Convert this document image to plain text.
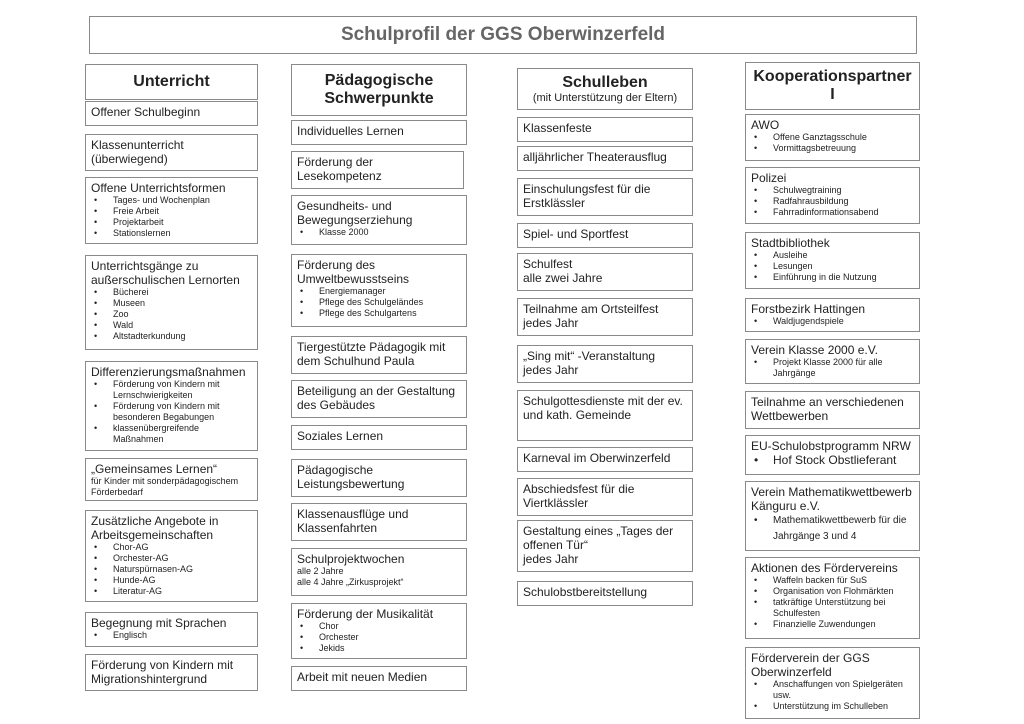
Schulprofil der GGS Oberwinzerfeld
Unterricht
Offener Schulbeginn
Klassenunterricht (überwiegend)
Offene Unterrichtsformen
• Tages- und Wochenplan
• Freie Arbeit
• Projektarbeit
• Stationslernen
Unterrichtsgänge zu außerschulischen Lernorten
• Bücherei
• Museen
• Zoo
• Wald
• Altstadterkundung
Differenzierungsmaßnahmen
• Förderung von Kindern mit Lernschwierigkeiten
• Förderung von Kindern mit besonderen Begabungen
• klassenübergreifende Maßnahmen
„Gemeinsames Lernen“
für Kinder mit sonderpädagogischem Förderbedarf
Zusätzliche Angebote in Arbeitsgemeinschaften
• Chor-AG
• Orchester-AG
• Naturspürnasen-AG
• Hunde-AG
• Literatur-AG
Begegnung mit Sprachen
• Englisch
Förderung von Kindern mit Migrationshintergrund
Pädagogische Schwerpunkte
Individuelles Lernen
Förderung der Lesekompetenz
Gesundheits- und Bewegungserziehung
• Klasse 2000
Förderung des Umweltbewusstseins
• Energiemanager
• Pflege des Schulgeländes
• Pflege des Schulgartens
Tiergestützte Pädagogik mit dem Schulhund Paula
Beteiligung an der Gestaltung des Gebäudes
Soziales Lernen
Pädagogische Leistungsbewertung
Klassenausflüge und Klassenfahrten
Schulprojektwochen
alle 2 Jahre
alle 4 Jahre „Zirkusprojekt“
Förderung der Musikalität
• Chor
• Orchester
• Jekids
Arbeit mit neuen Medien
Schulleben
(mit Unterstützung der Eltern)
Klassenfeste
alljährlicher Theaterausflug
Einschulungsfest für die Erstklässler
Spiel- und Sportfest
Schulfest
alle zwei Jahre
Teilnahme am Ortsteilfest
jedes Jahr
„Sing mit“ -Veranstaltung
jedes Jahr
Schulgottesdienste mit der ev. und kath. Gemeinde
Karneval im Oberwinzerfeld
Abschiedsfest für die Viertklässler
Gestaltung eines „Tages der offenen Tür“
jedes Jahr
Schulobstbereitstellung
Kooperationspartner I
AWO
• Offene Ganztagsschule
• Vormittagsbetreuung
Polizei
• Schulwegtraining
• Radfahrausbildung
• Fahrradinformationsabend
Stadtbibliothek
• Ausleihe
• Lesungen
• Einführung in die Nutzung
Forstbezirk Hattingen
• Waldjugendspiele
Verein Klasse 2000 e.V.
• Projekt Klasse 2000 für alle Jahrgänge
Teilnahme an verschiedenen Wettbewerben
EU-Schulobstprogramm NRW
• Hof Stock Obstlieferant
Verein Mathematikwettbewerb Känguru e.V.
• Mathematikwettbewerb für die Jahrgänge 3 und 4
Aktionen des Fördervereins
• Waffeln backen für SuS
• Organisation von Flohmärkten
• tatkräftige Unterstützung bei Schulfesten
• Finanzielle Zuwendungen
Förderverein der GGS Oberwinzerfeld
• Anschaffungen von Spielgeräten usw.
• Unterstützung im Schulleben
